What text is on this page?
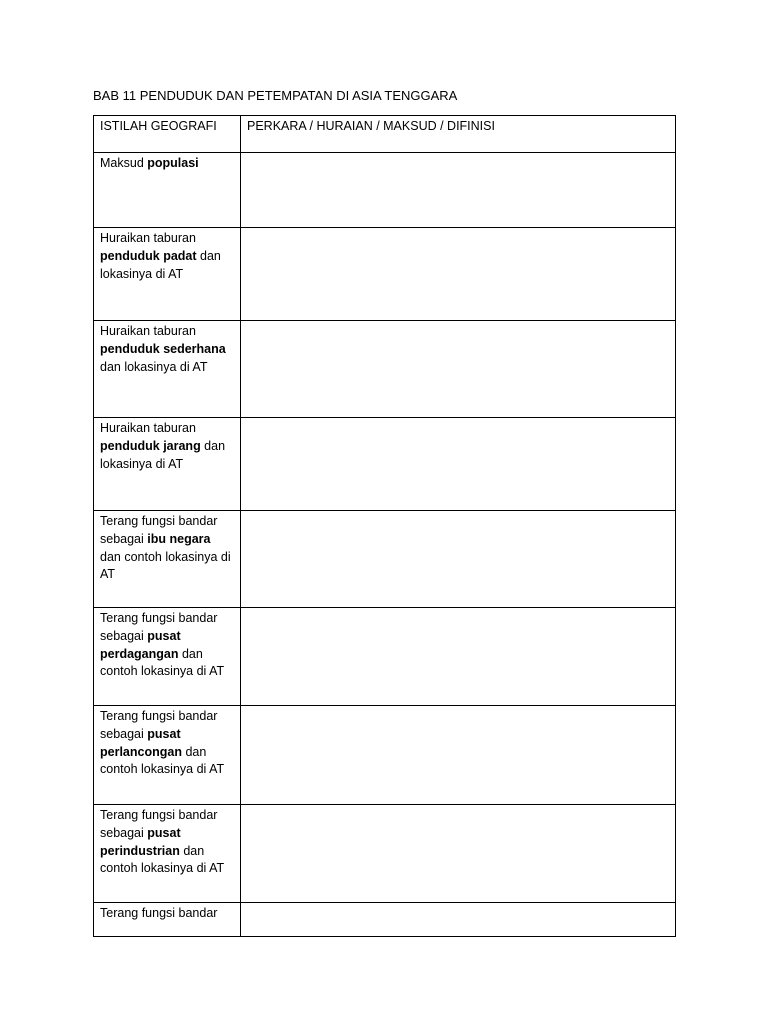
BAB 11 PENDUDUK DAN PETEMPATAN DI ASIA TENGGARA
ISTILAH GEOGRAFI	PERKARA / HURAIAN / MAKSUD / DIFINISI
Maksud populasi	
Huraikan taburan penduduk padat dan lokasinya di AT	
Huraikan taburan penduduk sederhana dan lokasinya di AT	
Huraikan taburan penduduk jarang dan lokasinya di AT	
Terang fungsi bandar sebagai ibu negara dan contoh lokasinya di AT	
Terang fungsi bandar sebagai pusat perdagangan dan contoh lokasinya di AT	
Terang fungsi bandar sebagai pusat perlancongan dan contoh lokasinya di AT	
Terang fungsi bandar sebagai pusat perindustrian dan contoh lokasinya di AT	
Terang fungsi bandar	
